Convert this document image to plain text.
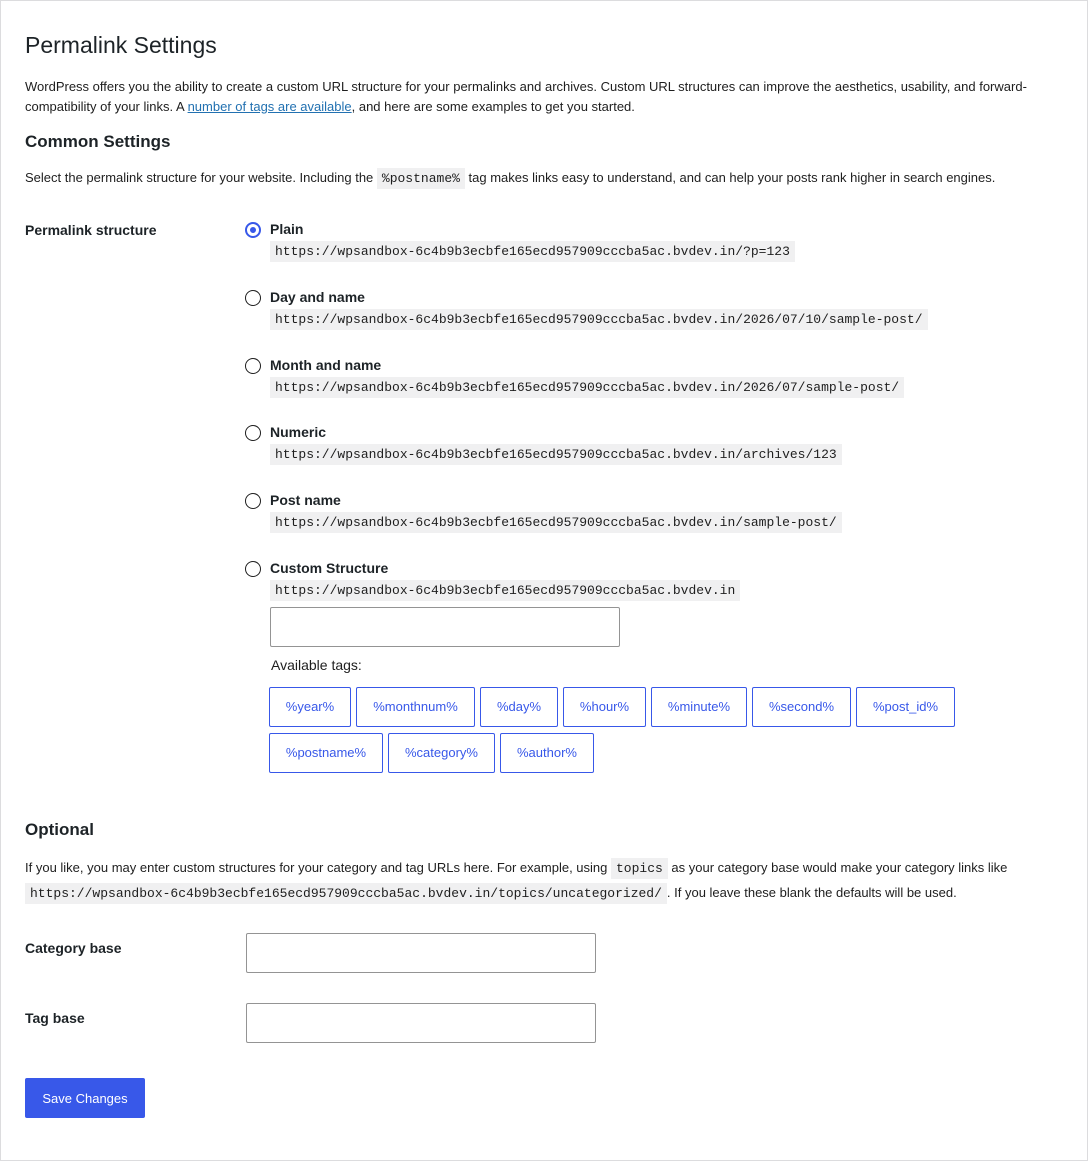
Permalink Settings

WordPress offers you the ability to create a custom URL structure for your permalinks and archives. Custom URL structures can improve the aesthetics, usability, and forward-compatibility of your links. A number of tags are available, and here are some examples to get you started.

Common Settings

Select the permalink structure for your website. Including the %postname% tag makes links easy to understand, and can help your posts rank higher in search engines.

Permalink structure	Plain
https://wpsandbox-6c4b9b3ecbfe165ecd957909cccba5ac.bvdev.in/?p=123
Day and name
https://wpsandbox-6c4b9b3ecbfe165ecd957909cccba5ac.bvdev.in/2026/07/10/sample-post/
Month and name
https://wpsandbox-6c4b9b3ecbfe165ecd957909cccba5ac.bvdev.in/2026/07/sample-post/
Numeric
https://wpsandbox-6c4b9b3ecbfe165ecd957909cccba5ac.bvdev.in/archives/123
Post name
https://wpsandbox-6c4b9b3ecbfe165ecd957909cccba5ac.bvdev.in/sample-post/
Custom Structure
https://wpsandbox-6c4b9b3ecbfe165ecd957909cccba5ac.bvdev.in
Available tags:
%year%	%monthnum%	%day%	%hour%	%minute%	%second%	%post_id%
%postname%	%category%	%author%
Optional

If you like, you may enter custom structures for your category and tag URLs here. For example, using topics as your category base would make your category links like https://wpsandbox-6c4b9b3ecbfe165ecd957909cccba5ac.bvdev.in/topics/uncategorized/ . If you leave these blank the defaults will be used.

Category base
Tag base
Save Changes
